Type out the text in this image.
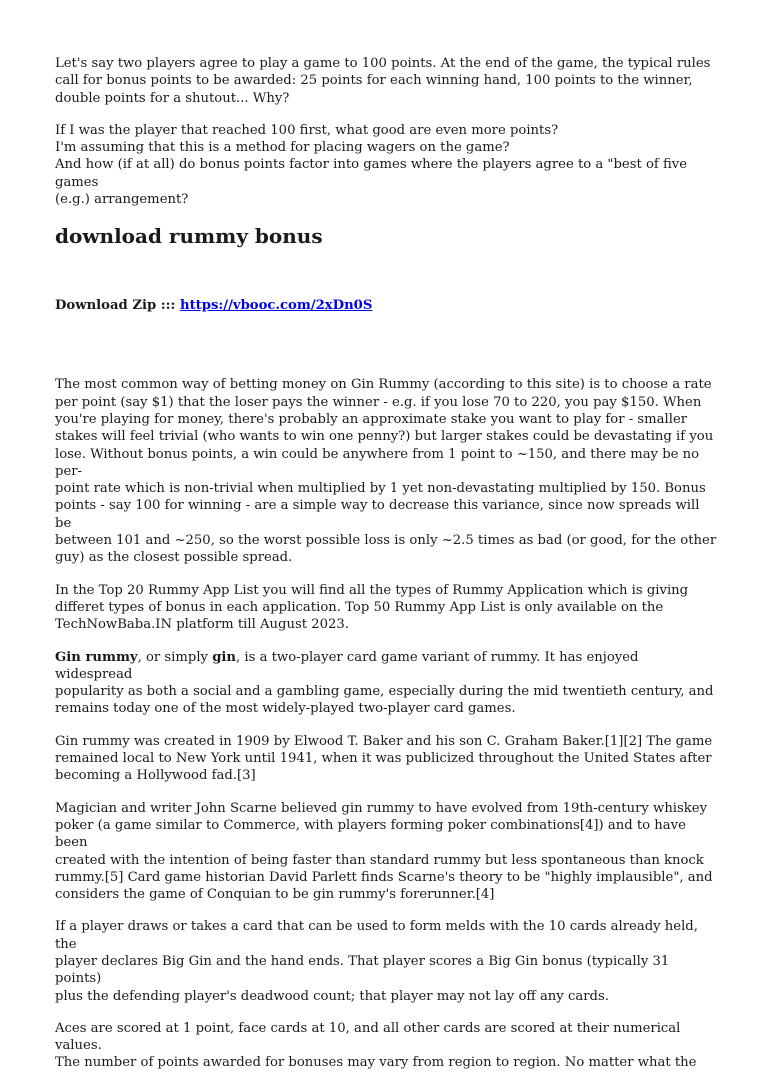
Let's say two players agree to play a game to 100 points. At the end of the game, the typical rules
call for bonus points to be awarded: 25 points for each winning hand, 100 points to the winner,
double points for a shutout... Why?

If I was the player that reached 100 first, what good are even more points?
I'm assuming that this is a method for placing wagers on the game?
And how (if at all) do bonus points factor into games where the players agree to a "best of five games
(e.g.) arrangement?

download rummy bonus
Download Zip ::: https://vbooc.com/2xDn0S

The most common way of betting money on Gin Rummy (according to this site) is to choose a rate
per point (say $1) that the loser pays the winner - e.g. if you lose 70 to 220, you pay $150. When
you're playing for money, there's probably an approximate stake you want to play for - smaller
stakes will feel trivial (who wants to win one penny?) but larger stakes could be devastating if you
lose. Without bonus points, a win could be anywhere from 1 point to ~150, and there may be no per-
point rate which is non-trivial when multiplied by 1 yet non-devastating multiplied by 150. Bonus
points - say 100 for winning - are a simple way to decrease this variance, since now spreads will be
between 101 and ~250, so the worst possible loss is only ~2.5 times as bad (or good, for the other
guy) as the closest possible spread.

In the Top 20 Rummy App List you will find all the types of Rummy Application which is giving
differet types of bonus in each application. Top 50 Rummy App List is only available on the
TechNowBaba.IN platform till August 2023.

Gin rummy, or simply gin, is a two-player card game variant of rummy. It has enjoyed widespread
popularity as both a social and a gambling game, especially during the mid twentieth century, and
remains today one of the most widely-played two-player card games.

Gin rummy was created in 1909 by Elwood T. Baker and his son C. Graham Baker.[1][2] The game
remained local to New York until 1941, when it was publicized throughout the United States after
becoming a Hollywood fad.[3]

Magician and writer John Scarne believed gin rummy to have evolved from 19th-century whiskey
poker (a game similar to Commerce, with players forming poker combinations[4]) and to have been
created with the intention of being faster than standard rummy but less spontaneous than knock
rummy.[5] Card game historian David Parlett finds Scarne's theory to be "highly implausible", and
considers the game of Conquian to be gin rummy's forerunner.[4]

If a player draws or takes a card that can be used to form melds with the 10 cards already held, the
player declares Big Gin and the hand ends. That player scores a Big Gin bonus (typically 31 points)
plus the defending player's deadwood count; that player may not lay off any cards.

Aces are scored at 1 point, face cards at 10, and all other cards are scored at their numerical values.
The number of points awarded for bonuses may vary from region to region. No matter what the
